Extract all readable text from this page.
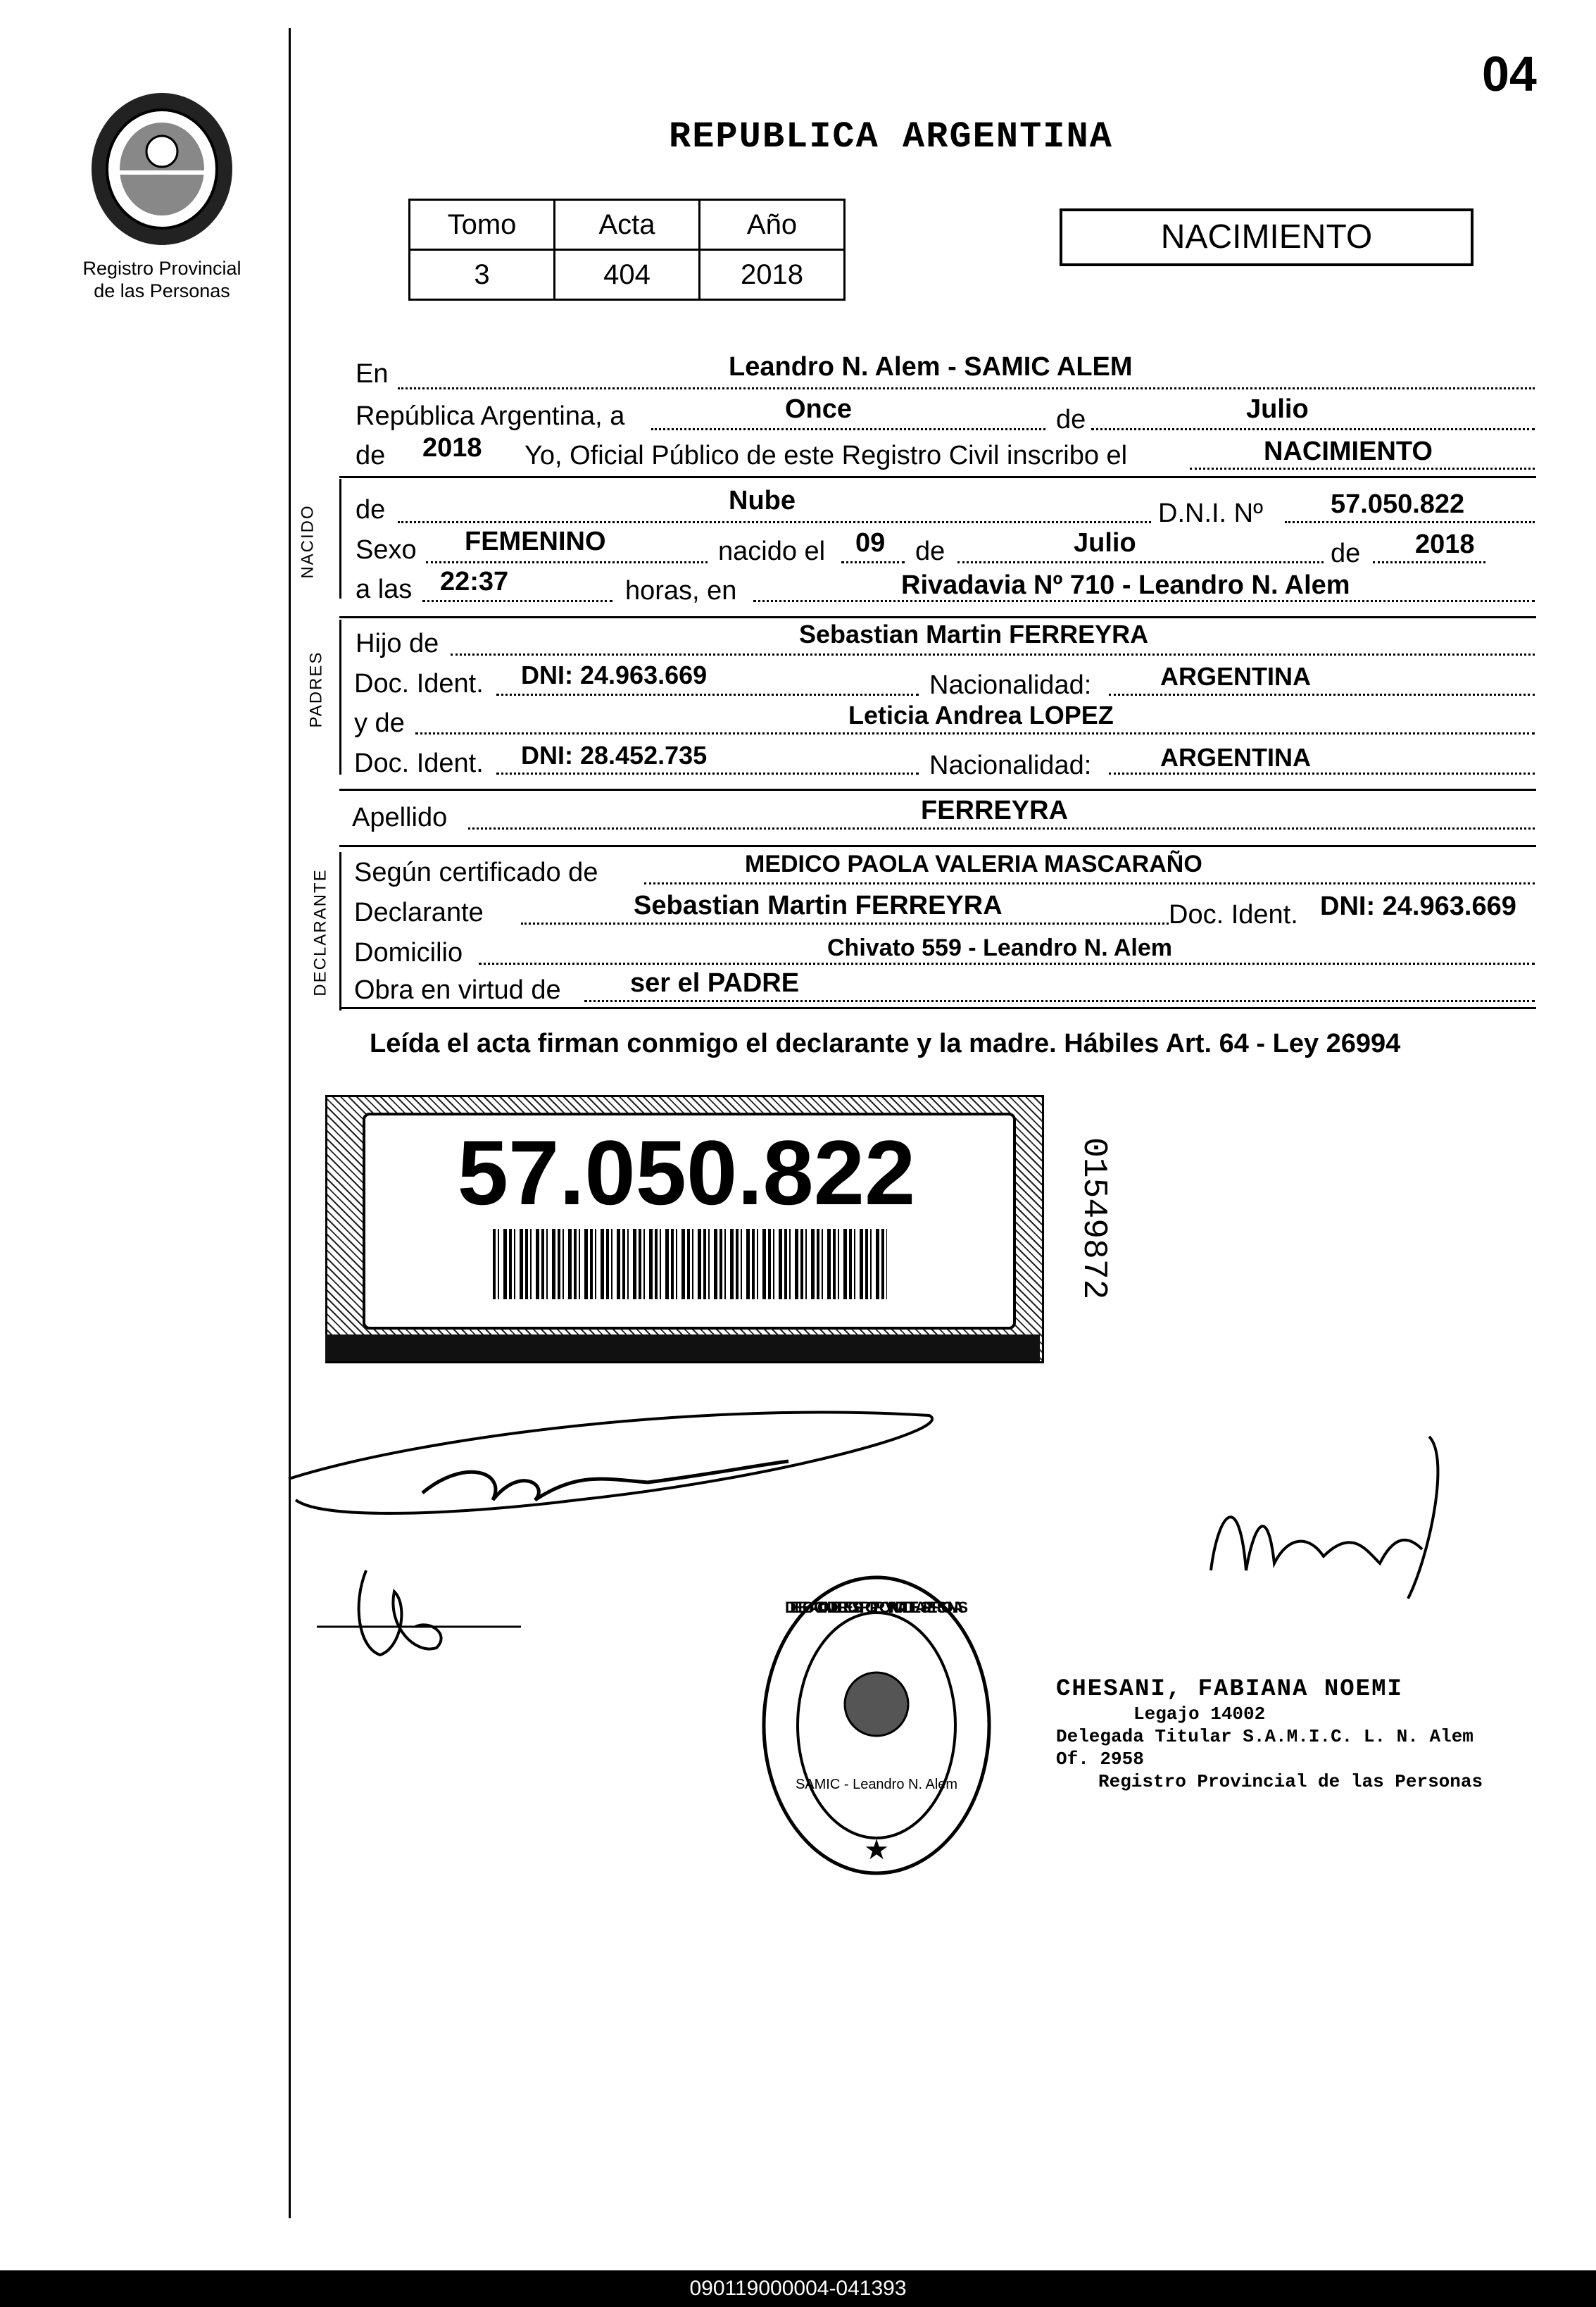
04
REPUBLICA ARGENTINA
Registro Provincial
de las Personas
Tomo	Acta	Año
3	404	2018
NACIMIENTO
En	Leandro N. Alem - SAMIC ALEM
República Argentina, a	Once	de	Julio
de 2018 Yo, Oficial Público de este Registro Civil inscribo el	NACIMIENTO
NACIDO de	Nube	D.N.I. Nº	57.050.822
Sexo FEMENINO	nacido el 09 de	Julio	de 2018
a las 22:37	horas, en	Rivadavia Nº 710 - Leandro N. Alem
PADRES
Hijo de	Sebastian Martin FERREYRA
Doc. Ident. DNI: 24.963.669	Nacionalidad:	ARGENTINA
y de	Leticia Andrea LOPEZ
Doc. Ident. DNI: 28.452.735	Nacionalidad:	ARGENTINA
Apellido	FERREYRA
DECLARANTE Según certificado de	MEDICO PAOLA VALERIA MASCARAÑO
Declarante	Sebastian Martin FERREYRA	Doc. Ident. DNI: 24.963.669
Domicilio	Chivato 559 - Leandro N. Alem
Obra en virtud de	ser el PADRE
Leída el acta firman conmigo el declarante y la madre. Hábiles Art. 64 - Ley 26994
57.050.822	01549872
DELEGACION DEL REGISTRO PROVINCIAL DE LAS PERSONAS
SAMIC - Leandro N. Alem
★
CHESANI, FABIANA NOEMI
Legajo 14002
Delegada Titular S.A.M.I.C. L. N. Alem Of. 2958
Registro Provincial de las Personas
090119000004-041393
